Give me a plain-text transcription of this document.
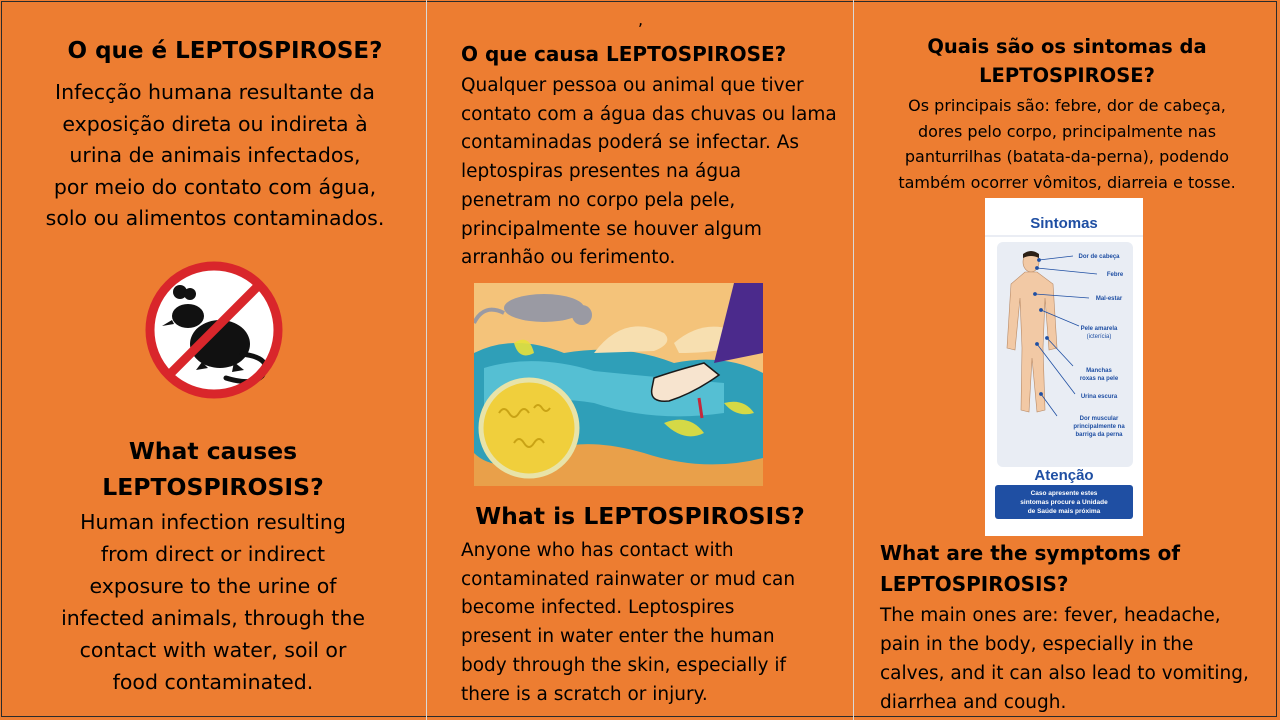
O que é LEPTOSPIROSE?
Infecção humana resultante da
exposição direta ou indireta à
urina de animais infectados,
por meio do contato com água,
solo ou alimentos contaminados.
What causes
LEPTOSPIROSIS?
Human infection resulting
from direct or indirect
exposure to the urine of
infected animals, through the
contact with water, soil or
food contaminated.
,
O que causa LEPTOSPIROSE?
Qualquer pessoa ou animal que tiver
contato com a água das chuvas ou lama
contaminadas poderá se infectar. As
leptospiras presentes na água
penetram no corpo pela pele,
principalmente se houver algum
arranhão ou ferimento.
What is LEPTOSPIROSIS?
Anyone who has contact with
contaminated rainwater or mud can
become infected. Leptospires
present in water enter the human
body through the skin, especially if
there is a scratch or injury.
Quais são os sintomas da
LEPTOSPIROSE?
Os principais são: febre, dor de cabeça,
dores pelo corpo, principalmente nas
panturrilhas (batata-da-perna), podendo
também ocorrer vômitos, diarreia e tosse.
Sintomas
Dor de cabeça
Febre
Mal-estar
Pele amarela
(icterícia)
Manchas
roxas na pele
Urina escura
Dor muscular
principalmente na
barriga da perna
Atenção
Caso apresente estes
sintomas procure a Unidade
de Saúde mais próxima
What are the symptoms of
LEPTOSPIROSIS?
The main ones are: fever, headache,
pain in the body, especially in the
calves, and it can also lead to vomiting,
diarrhea and cough.
